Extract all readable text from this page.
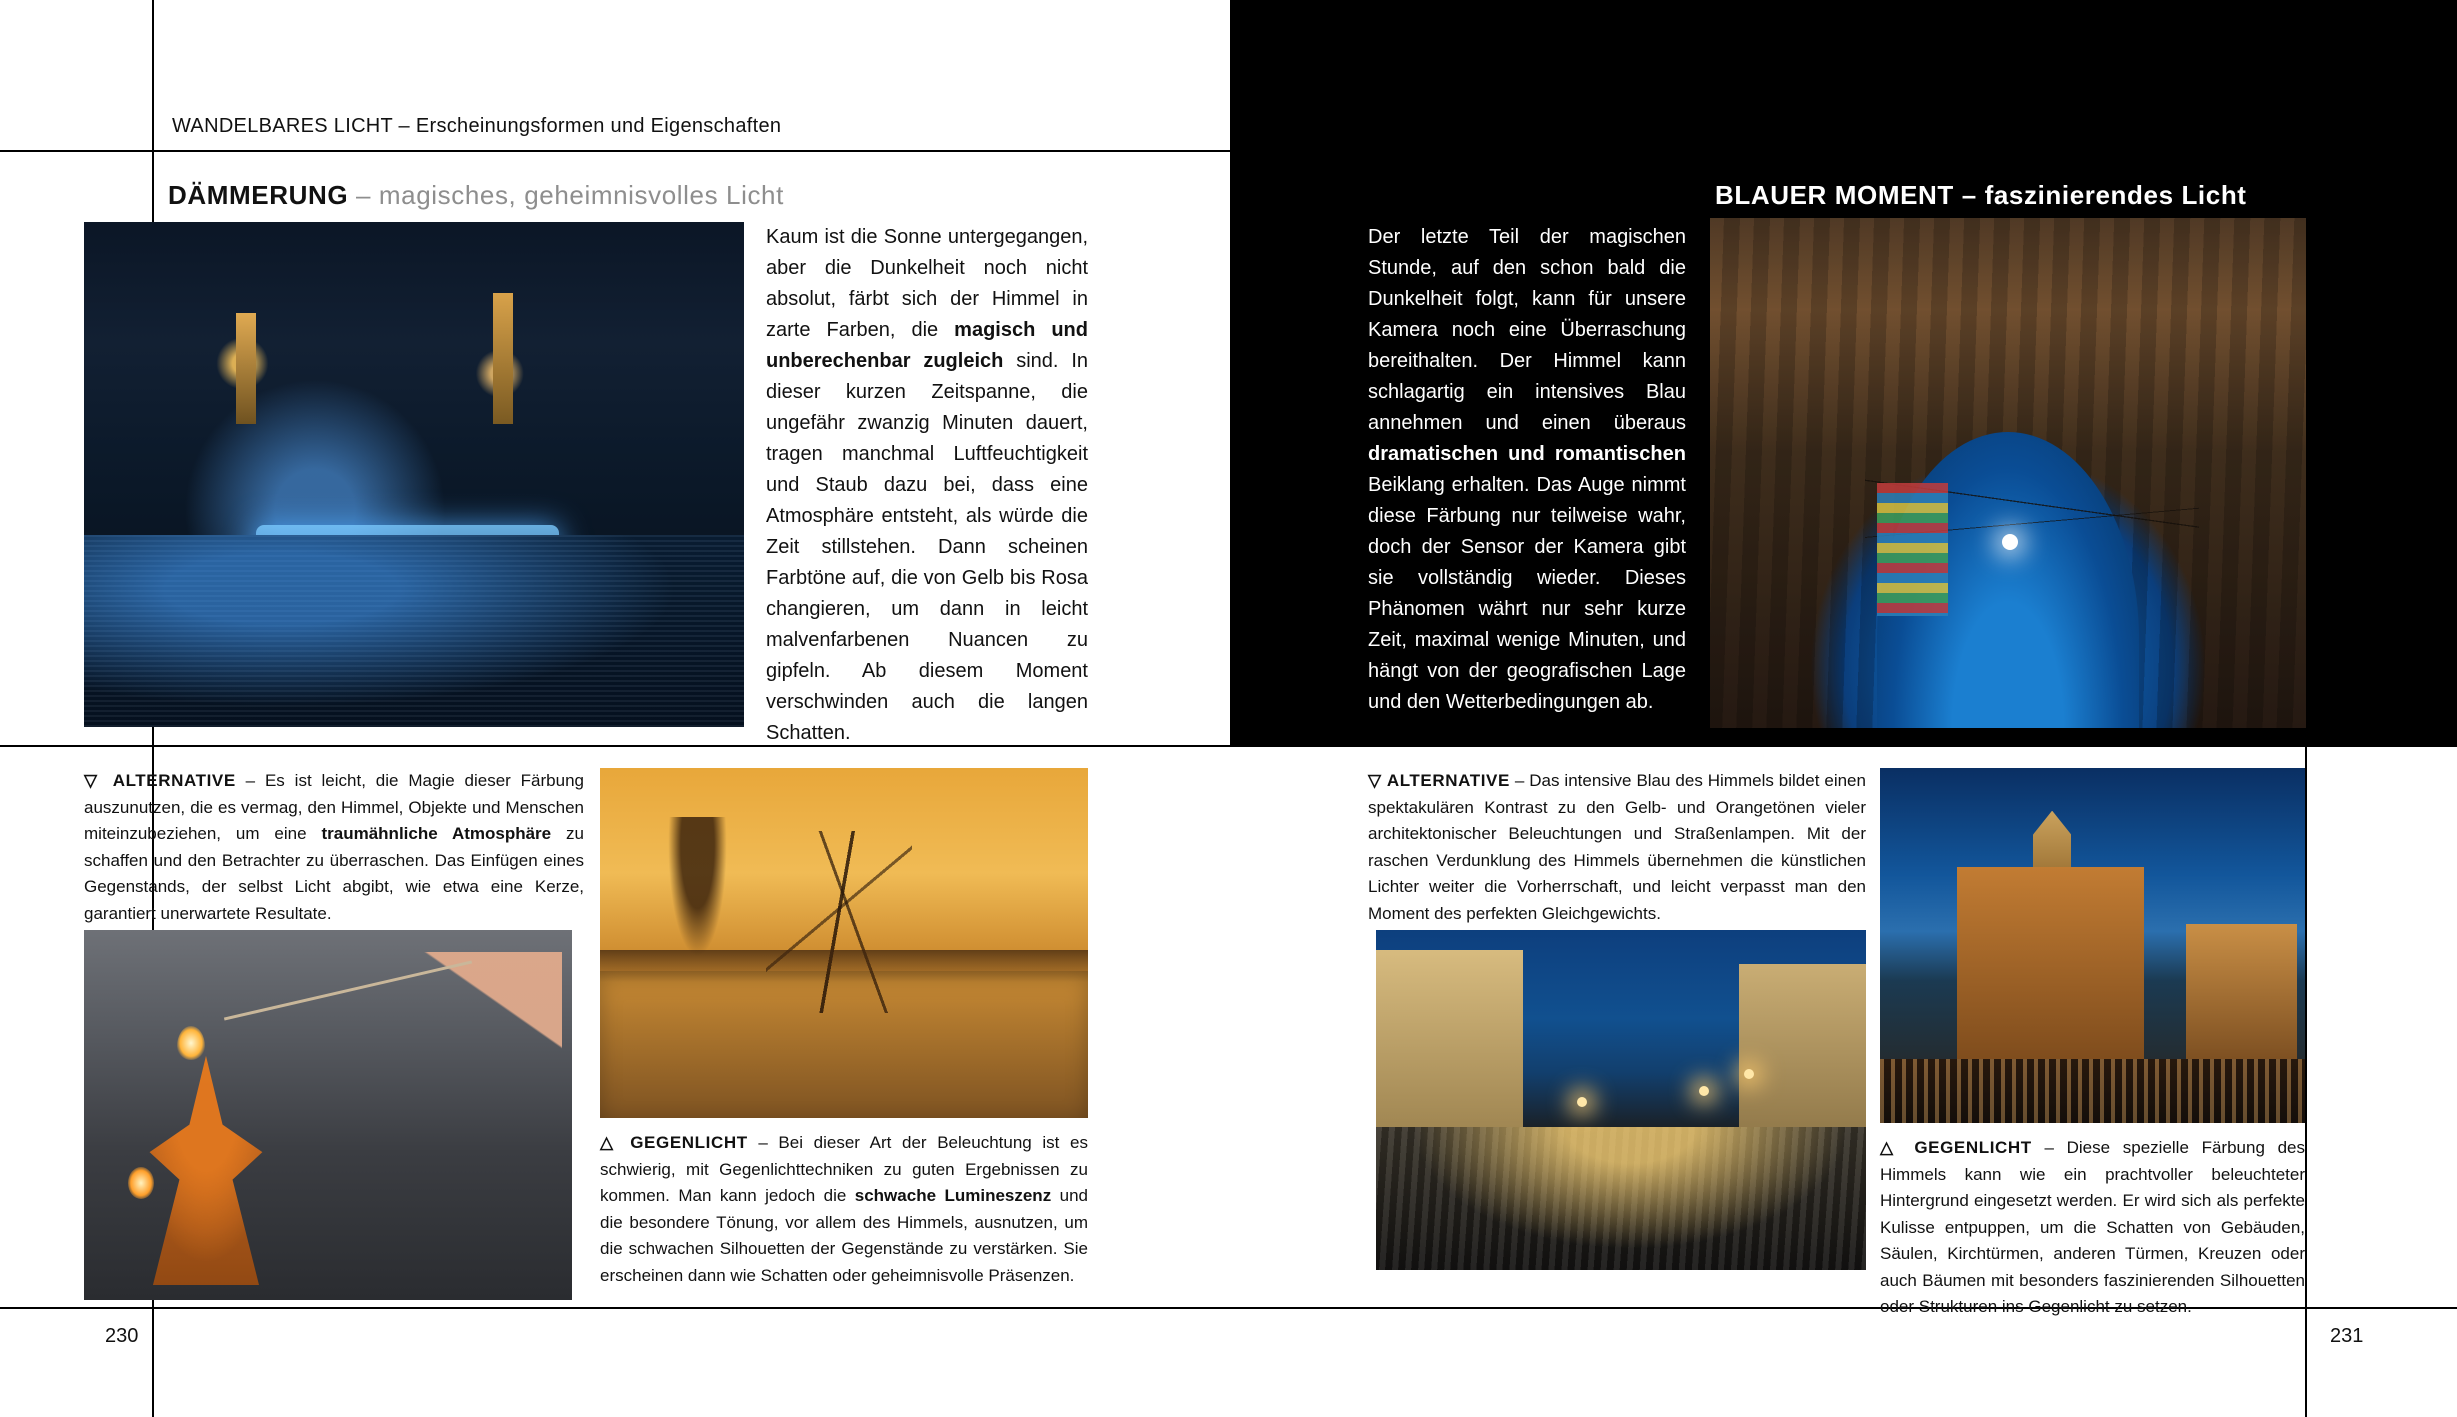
WANDELBARES LICHT – Erscheinungsformen und Eigenschaften
DÄMMERUNG – magisches, geheimnisvolles Licht
Kaum ist die Sonne untergegangen, aber die Dunkelheit noch nicht absolut, färbt sich der Himmel in zarte Farben, die magisch und unberechenbar zugleich sind. In dieser kurzen Zeitspanne, die ungefähr zwanzig Minuten dauert, tragen manchmal Luftfeuchtigkeit und Staub dazu bei, dass eine Atmosphäre entsteht, als würde die Zeit stillstehen. Dann scheinen Farbtöne auf, die von Gelb bis Rosa changieren, um dann in leicht malvenfarbenen Nuancen zu gipfeln. Ab diesem Moment verschwinden auch die langen Schatten.
▽ ALTERNATIVE – Es ist leicht, die Magie dieser Färbung auszunutzen, die es vermag, den Himmel, Objekte und Menschen miteinzubeziehen, um eine traumähnliche Atmosphäre zu schaffen und den Betrachter zu überraschen. Das Einfügen eines Gegenstands, der selbst Licht abgibt, wie etwa eine Kerze, garantiert unerwartete Resultate.
△ GEGENLICHT – Bei dieser Art der Beleuchtung ist es schwierig, mit Gegenlichttechniken zu guten Ergebnissen zu kommen. Man kann jedoch die schwache Lumineszenz und die besondere Tönung, vor allem des Himmels, ausnutzen, um die schwachen Silhouetten der Gegenstände zu verstärken. Sie erscheinen dann wie Schatten oder geheimnisvolle Präsenzen.
230
BLAUER MOMENT – faszinierendes Licht
Der letzte Teil der magischen Stunde, auf den schon bald die Dunkelheit folgt, kann für unsere Kamera noch eine Überraschung bereithalten. Der Himmel kann schlagartig ein intensives Blau annehmen und einen überaus dramatischen und romantischen Beiklang erhalten. Das Auge nimmt diese Färbung nur teilweise wahr, doch der Sensor der Kamera gibt sie vollständig wieder. Dieses Phänomen währt nur sehr kurze Zeit, maximal wenige Minuten, und hängt von der geografischen Lage und den Wetterbedingungen ab.
▽ ALTERNATIVE – Das intensive Blau des Himmels bildet einen spektakulären Kontrast zu den Gelb- und Orangetönen vieler architektonischer Beleuchtungen und Straßenlampen. Mit der raschen Verdunklung des Himmels übernehmen die künstlichen Lichter weiter die Vorherrschaft, und leicht verpasst man den Moment des perfekten Gleichgewichts.
△ GEGENLICHT – Diese spezielle Färbung des Himmels kann wie ein prachtvoller beleuchteter Hintergrund eingesetzt werden. Er wird sich als perfekte Kulisse entpuppen, um die Schatten von Gebäuden, Säulen, Kirchtürmen, anderen Türmen, Kreuzen oder auch Bäumen mit besonders faszinierenden Silhouetten oder Strukturen ins Gegenlicht zu setzen.
231
